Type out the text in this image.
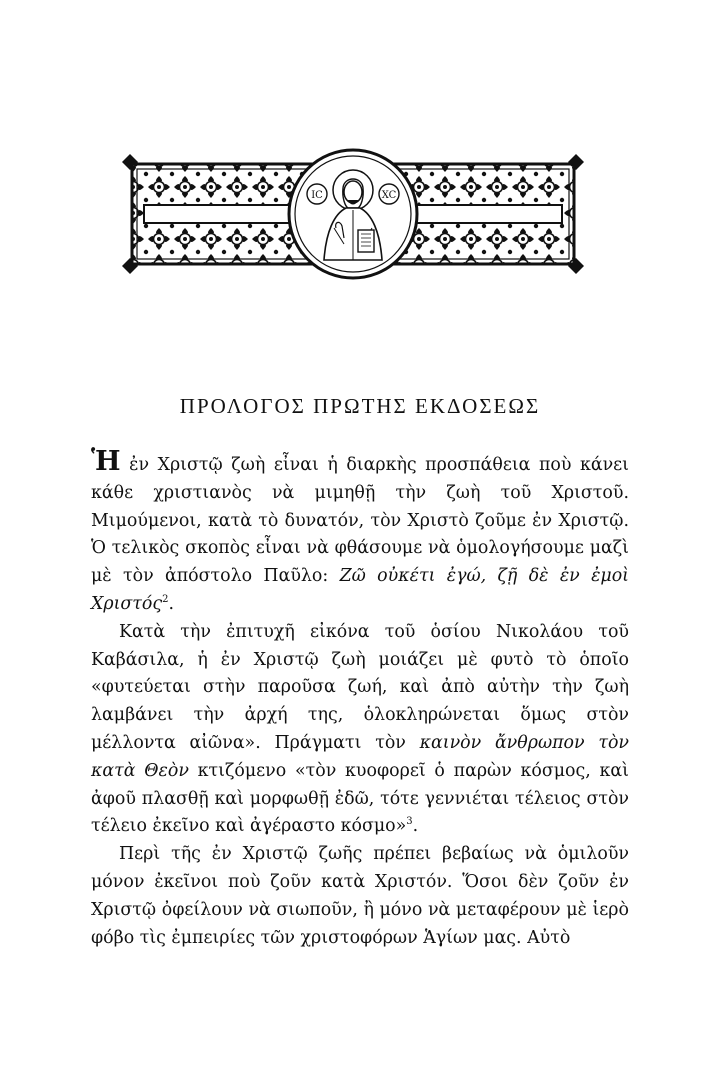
IC	XC
ΠΡΟΛΟΓΟΣ ΠΡΩΤΗΣ ΕΚΔΟΣΕΩΣ

Ἡ ἐν Χριστῷ ζωὴ εἶναι ἡ διαρκὴς προσπάθεια ποὺ κάνει κάθε χριστιανὸς νὰ μιμηθῇ τὴν ζωὴ τοῦ Χριστοῦ. Μιμούμενοι, κατὰ τὸ δυνατόν, τὸν Χριστὸ ζοῦμε ἐν Χριστῷ. Ὁ τελικὸς σκοπὸς εἶναι νὰ φθάσουμε νὰ ὁμολογήσουμε μαζὶ μὲ τὸν ἀπόστολο Παῦλο: Ζῶ οὐκέτι ἐγώ, ζῇ δὲ ἐν ἐμοὶ Χριστός$^2$.

Κατὰ τὴν ἐπιτυχῆ εἰκόνα τοῦ ὁσίου Νικολάου τοῦ Καβάσιλα, ἡ ἐν Χριστῷ ζωὴ μοιάζει μὲ φυτὸ τὸ ὁποῖο «φυτεύεται στὴν παροῦσα ζωή, καὶ ἀπὸ αὐτὴν τὴν ζωὴ λαμβάνει τὴν ἀρχή της, ὁλοκληρώνεται ὅμως στὸν μέλλοντα αἰῶνα». Πράγματι τὸν καινὸν ἄνθρωπον τὸν κατὰ Θεὸν κτιζόμενο «τὸν κυοφορεῖ ὁ παρὼν κόσμος, καὶ ἀφοῦ πλασθῇ καὶ μορφωθῇ ἐδῶ, τότε γεννιέται τέλειος στὸν τέλειο ἐκεῖνο καὶ ἀγέραστο κόσμο»$^3$.

Περὶ τῆς ἐν Χριστῷ ζωῆς πρέπει βεβαίως νὰ ὁμιλοῦν μόνον ἐκεῖνοι ποὺ ζοῦν κατὰ Χριστόν. Ὅσοι δὲν ζοῦν ἐν Χριστῷ ὀφείλουν νὰ σιωποῦν, ἢ μόνο νὰ μεταφέρουν μὲ ἱερὸ φόβο τὶς ἐμπειρίες τῶν χριστοφόρων Ἁγίων μας. Αὐτὸ
